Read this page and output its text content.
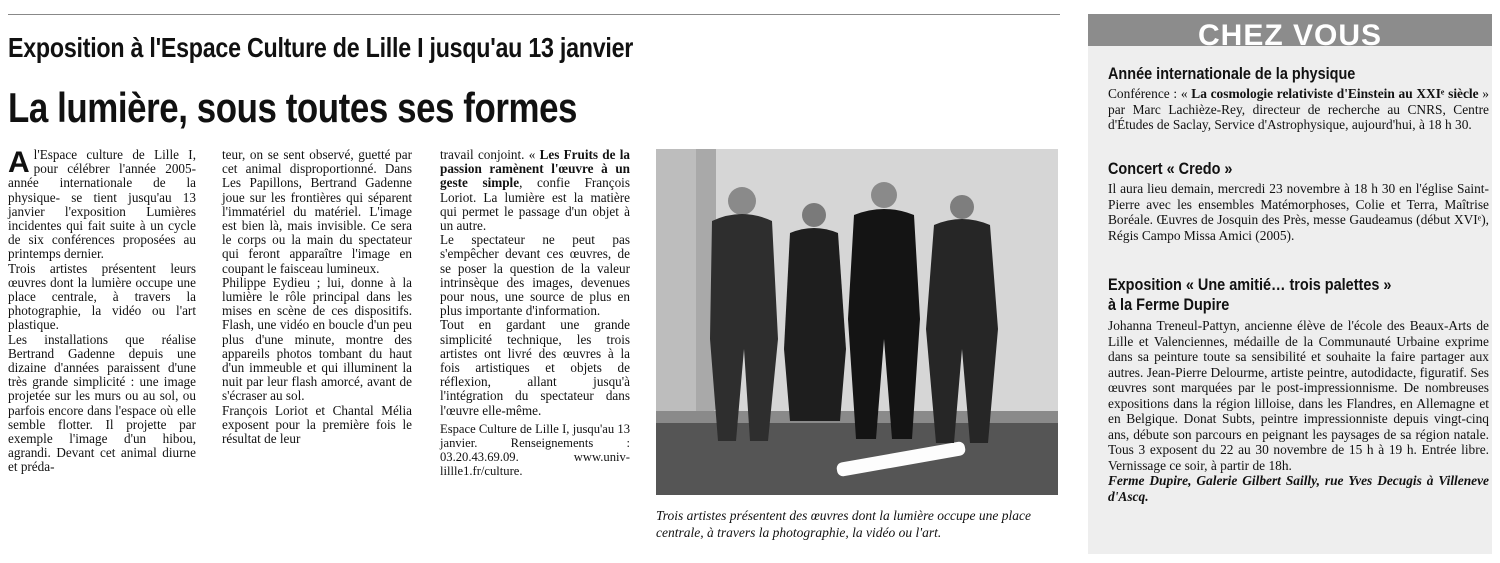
Exposition à l'Espace Culture de Lille I jusqu'au 13 janvier
La lumière, sous toutes ses formes

Al'Espace culture de Lille I, pour célébrer l'année 2005- année internationale de la physique- se tient jusqu'au 13 janvier l'exposition Lumières incidentes qui fait suite à un cycle de six conférences proposées au printemps dernier.

Trois artistes présentent leurs œuvres dont la lumière occupe une place centrale, à travers la photographie, la vidéo ou l'art plastique.

Les installations que réalise Bertrand Gadenne depuis une dizaine d'années paraissent d'une très grande simplicité : une image projetée sur les murs ou au sol, ou parfois encore dans l'espace où elle semble flotter. Il projette par exemple l'image d'un hibou, agrandi. Devant cet animal diurne et préda-

teur, on se sent observé, guetté par cet animal disproportionné. Dans Les Papillons, Bertrand Gadenne joue sur les frontières qui séparent l'immatériel du matériel. L'image est bien là, mais invisible. Ce sera le corps ou la main du spectateur qui feront apparaître l'image en coupant le faisceau lumineux.

Philippe Eydieu ; lui, donne à la lumière le rôle principal dans les mises en scène de ces dispositifs. Flash, une vidéo en boucle d'un peu plus d'une minute, montre des appareils photos tombant du haut d'un immeuble et qui illuminent la nuit par leur flash amorcé, avant de s'écraser au sol.

François Loriot et Chantal Mélia exposent pour la première fois le résultat de leur

travail conjoint. « Les Fruits de la passion ramènent l'œuvre à un geste simple, confie François Loriot. La lumière est la matière qui permet le passage d'un objet à un autre.

Le spectateur ne peut pas s'empêcher devant ces œuvres, de se poser la question de la valeur intrinsèque des images, devenues pour nous, une source de plus en plus importante d'information.

Tout en gardant une grande simplicité technique, les trois artistes ont livré des œuvres à la fois artistiques et objets de réflexion, allant jusqu'à l'intégration du spectateur dans l'œuvre elle-même.

Espace Culture de Lille I, jusqu'au 13 janvier. Renseignements : 03.20.43.69.09. www.univ-lillle1.fr/culture.

Trois artistes présentent des œuvres dont la lumière occupe une place centrale, à travers la photographie, la vidéo ou l'art.
CHEZ VOUS
Année internationale de la physique

Conférence : « La cosmologie relativiste d'Einstein au XXIᵉ siècle » par Marc Lachièze-Rey, directeur de recherche au CNRS, Centre d'Études de Saclay, Service d'Astrophysique, aujourd'hui, à 18 h 30.

Concert « Credo »

Il aura lieu demain, mercredi 23 novembre à 18 h 30 en l'église Saint-Pierre avec les ensembles Matémorphoses, Colie et Terra, Maîtrise Boréale. Œuvres de Josquin des Près, messe Gaudeamus (début XVIᵉ), Régis Campo Missa Amici (2005).

Exposition « Une amitié… trois palettes »
à la Ferme Dupire

Johanna Treneul-Pattyn, ancienne élève de l'école des Beaux-Arts de Lille et Valenciennes, médaille de la Communauté Urbaine exprime dans sa peinture toute sa sensibilité et souhaite la faire partager aux autres. Jean-Pierre Delourme, artiste peintre, autodidacte, figuratif. Ses œuvres sont marquées par le post-impressionnisme. De nombreuses expositions dans la région lilloise, dans les Flandres, en Allemagne et en Belgique. Donat Subts, peintre impressionniste depuis vingt-cinq ans, débute son parcours en peignant les paysages de sa région natale. Tous 3 exposent du 22 au 30 novembre de 15 h à 19 h. Entrée libre. Vernissage ce soir, à partir de 18h.

Ferme Dupire, Galerie Gilbert Sailly, rue Yves Decugis à Villeneve d'Ascq.
